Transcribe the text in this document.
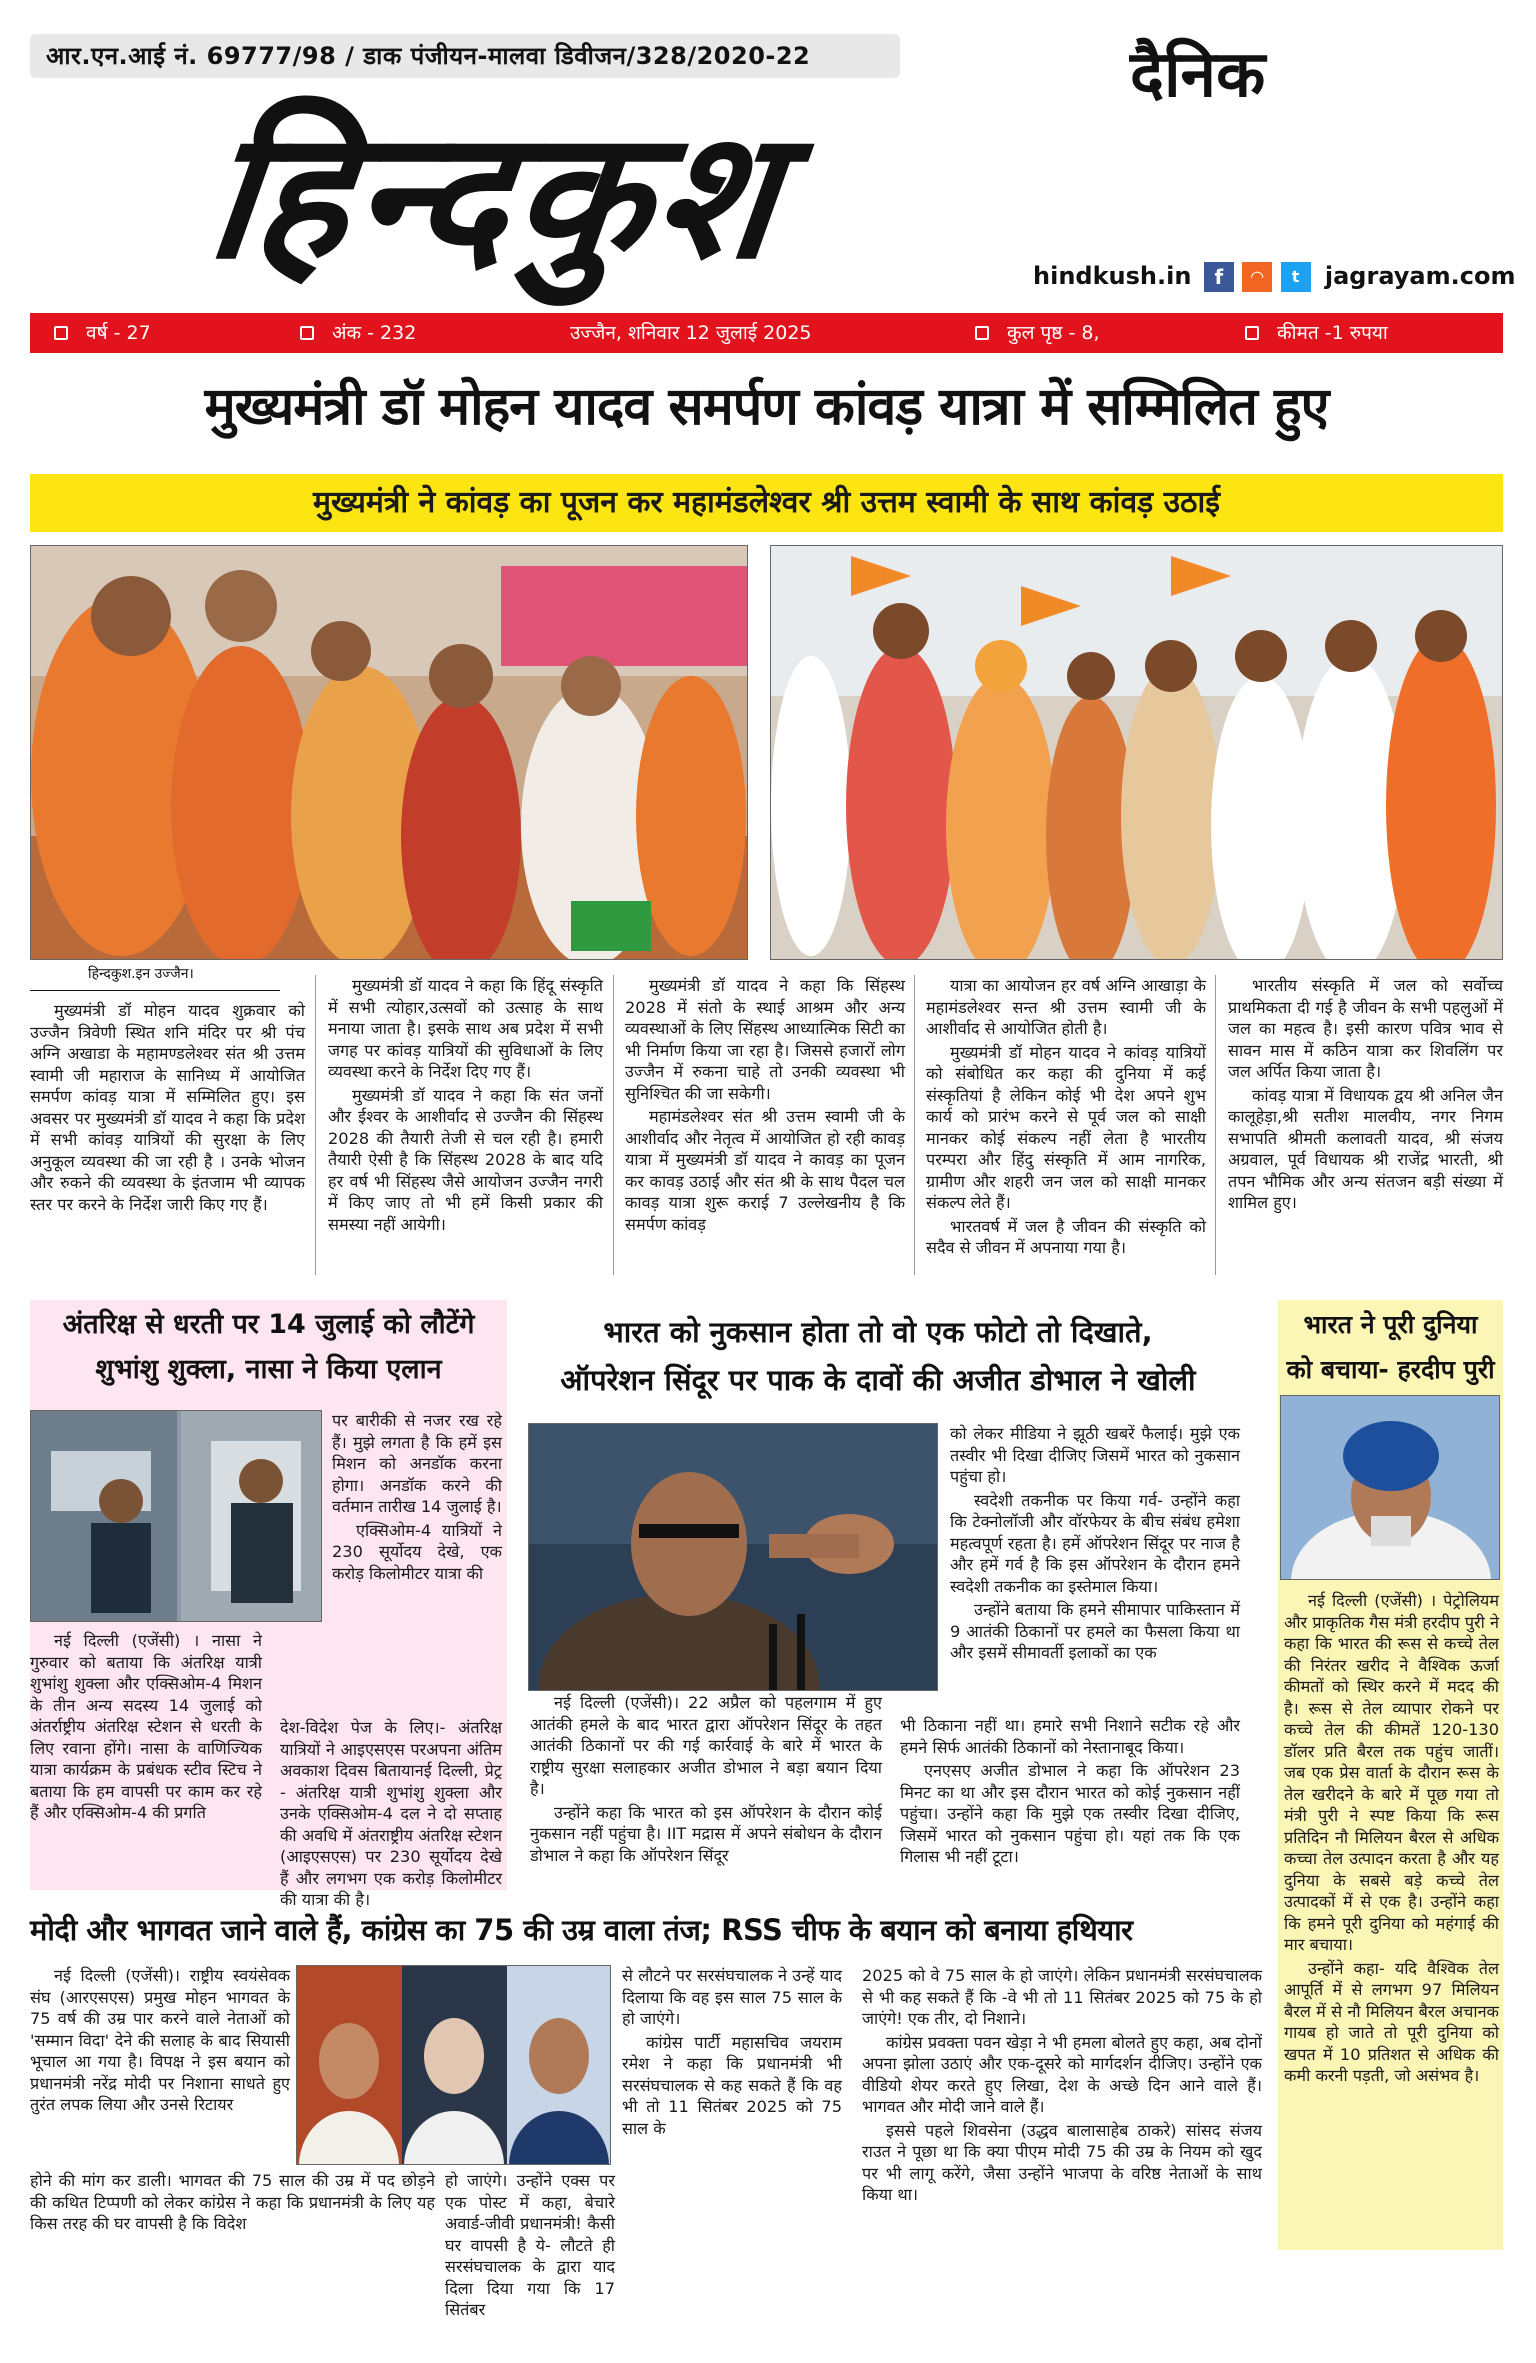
आर.एन.आई नं. 69777/98 / डाक पंजीयन-मालवा डिवीजन/328/2020-22	दैनिक
हिन्दकुश	hindkush.in f ◠ t jagrayam.com
वर्ष - 27	अंक - 232	उज्जैन, शनिवार 12 जुलाई 2025	कुल पृष्ठ - 8,	कीमत -1 रुपया
मुख्यमंत्री डॉ मोहन यादव समर्पण कांवड़ यात्रा में सम्मिलित हुए
मुख्यमंत्री ने कांवड़ का पूजन कर महामंडलेश्वर श्री उत्तम स्वामी के साथ कांवड़ उठाई
हिन्दकुश.इन उज्जैन।

मुख्यमंत्री डॉ मोहन यादव शुक्रवार को उज्जैन त्रिवेणी स्थित शनि मंदिर पर श्री पंच अग्नि अखाडा के महामण्डलेश्वर संत श्री उत्तम स्वामी जी महाराज के सानिध्य में आयोजित समर्पण कांवड़ यात्रा में सम्मिलित हुए। इस अवसर पर मुख्यमंत्री डॉ यादव ने कहा कि प्रदेश में सभी कांवड़ यात्रियों की सुरक्षा के लिए अनुकूल व्यवस्था की जा रही है । उनके भोजन और रुकने की व्यवस्था के इंतजाम भी व्यापक स्तर पर करने के निर्देश जारी किए गए हैं।

मुख्यमंत्री डॉ यादव ने कहा कि हिंदू संस्कृति में सभी त्योहार,उत्सवों को उत्साह के साथ मनाया जाता है। इसके साथ अब प्रदेश में सभी जगह पर कांवड़ यात्रियों की सुविधाओं के लिए व्यवस्था करने के निर्देश दिए गए हैं।

मुख्यमंत्री डॉ यादव ने कहा कि संत जनों और ईश्वर के आशीर्वाद से उज्जैन की सिंहस्थ 2028 की तैयारी तेजी से चल रही है। हमारी तैयारी ऐसी है कि सिंहस्थ 2028 के बाद यदि हर वर्ष भी सिंहस्थ जैसे आयोजन उज्जैन नगरी में किए जाए तो भी हमें किसी प्रकार की समस्या नहीं आयेगी।

मुख्यमंत्री डॉ यादव ने कहा कि सिंहस्थ 2028 में संतो के स्थाई आश्रम और अन्य व्यवस्थाओं के लिए सिंहस्थ आध्यात्मिक सिटी का भी निर्माण किया जा रहा है। जिससे हजारों लोग उज्जैन में रुकना चाहे तो उनकी व्यवस्था भी सुनिश्चित की जा सकेगी।

महामंडलेश्वर संत श्री उत्तम स्वामी जी के आशीर्वाद और नेतृत्व में आयोजित हो रही कावड़ यात्रा में मुख्यमंत्री डॉ यादव ने कावड़ का पूजन कर कावड़ उठाई और संत श्री के साथ पैदल चल कावड़ यात्रा शुरू कराई 7 उल्लेखनीय है कि समर्पण कांवड़

यात्रा का आयोजन हर वर्ष अग्नि आखाड़ा के महामंडलेश्वर सन्त श्री उत्तम स्वामी जी के आशीर्वाद से आयोजित होती है।

मुख्यमंत्री डॉ मोहन यादव ने कांवड़ यात्रियों को संबोधित कर कहा की दुनिया में कई संस्कृतियां है लेकिन कोई भी देश अपने शुभ कार्य को प्रारंभ करने से पूर्व जल को साक्षी मानकर कोई संकल्प नहीं लेता है भारतीय परम्परा और हिंदु संस्कृति में आम नागरिक, ग्रामीण और शहरी जन जल को साक्षी मानकर संकल्प लेते हैं।

भारतवर्ष में जल है जीवन की संस्कृति को सदैव से जीवन में अपनाया गया है।

भारतीय संस्कृति में जल को सर्वोच्च प्राथमिकता दी गई है जीवन के सभी पहलुओं में जल का महत्व है। इसी कारण पवित्र भाव से सावन मास में कठिन यात्रा कर शिवलिंग पर जल अर्पित किया जाता है।

कांवड़ यात्रा में विधायक द्वय श्री अनिल जैन कालूहेड़ा,श्री सतीश मालवीय, नगर निगम सभापति श्रीमती कलावती यादव, श्री संजय अग्रवाल, पूर्व विधायक श्री राजेंद्र भारती, श्री तपन भौमिक और अन्य संतजन बड़ी संख्या में शामिल हुए।

अंतरिक्ष से धरती पर 14 जुलाई को लौटेंगे
शुभांशु शुक्ला, नासा ने किया एलान

पर बारीकी से नजर रख रहे हैं। मुझे लगता है कि हमें इस मिशन को अनडॉक करना होगा। अनडॉक करने की वर्तमान तारीख 14 जुलाई है।

एक्सिओम-4 यात्रियों ने 230 सूर्योदय देखे, एक करोड़ किलोमीटर यात्रा की

नई दिल्ली (एजेंसी) । नासा ने गुरुवार को बताया कि अंतरिक्ष यात्री शुभांशु शुक्ला और एक्सिओम-4 मिशन के तीन अन्य सदस्य 14 जुलाई को अंतर्राष्ट्रीय अंतरिक्ष स्टेशन से धरती के लिए रवाना होंगे। नासा के वाणिज्यिक यात्रा कार्यक्रम के प्रबंधक स्टीव स्टिच ने बताया कि हम वापसी पर काम कर रहे हैं और एक्सिओम-4 की प्रगति

देश-विदेश पेज के लिए।- अंतरिक्ष यात्रियों ने आइएसएस परअपना अंतिम अवकाश दिवस बितायानई दिल्ली, प्रेट्र - अंतरिक्ष यात्री शुभांशु शुक्ला और उनके एक्सिओम-4 दल ने दो सप्ताह की अवधि में अंतराष्ट्रीय अंतरिक्ष स्टेशन (आइएसएस) पर 230 सूर्योदय देखे हैं और लगभग एक करोड़ किलोमीटर की यात्रा की है।

भारत को नुकसान होता तो वो एक फोटो तो दिखाते,
ऑपरेशन सिंदूर पर पाक के दावों की अजीत डोभाल ने खोली

को लेकर मीडिया ने झूठी खबरें फैलाई। मुझे एक तस्वीर भी दिखा दीजिए जिसमें भारत को नुकसान पहुंचा हो।

स्वदेशी तकनीक पर किया गर्व- उन्होंने कहा कि टेक्नोलॉजी और वॉरफेयर के बीच संबंध हमेशा महत्वपूर्ण रहता है। हमें ऑपरेशन सिंदूर पर नाज है और हमें गर्व है कि इस ऑपरेशन के दौरान हमने स्वदेशी तकनीक का इस्तेमाल किया।

उन्होंने बताया कि हमने सीमापार पाकिस्तान में 9 आतंकी ठिकानों पर हमले का फैसला किया था और इसमें सीमावर्ती इलाकों का एक

नई दिल्ली (एजेंसी)। 22 अप्रैल को पहलगाम में हुए आतंकी हमले के बाद भारत द्वारा ऑपरेशन सिंदूर के तहत आतंकी ठिकानों पर की गई कार्रवाई के बारे में भारत के राष्ट्रीय सुरक्षा सलाहकार अजीत डोभाल ने बड़ा बयान दिया है।

उन्होंने कहा कि भारत को इस ऑपरेशन के दौरान कोई नुकसान नहीं पहुंचा है। IIT मद्रास में अपने संबोधन के दौरान डोभाल ने कहा कि ऑपरेशन सिंदूर

भी ठिकाना नहीं था। हमारे सभी निशाने सटीक रहे और हमने सिर्फ आतंकी ठिकानों को नेस्तानाबूद किया।

एनएसए अजीत डोभाल ने कहा कि ऑपरेशन 23 मिनट का था और इस दौरान भारत को कोई नुकसान नहीं पहुंचा। उन्होंने कहा कि मुझे एक तस्वीर दिखा दीजिए, जिसमें भारत को नुकसान पहुंचा हो। यहां तक कि एक गिलास भी नहीं टूटा।

भारत ने पूरी दुनिया
को बचाया- हरदीप पुरी

नई दिल्ली (एजेंसी) । पेट्रोलियम और प्राकृतिक गैस मंत्री हरदीप पुरी ने कहा कि भारत की रूस से कच्चे तेल की निरंतर खरीद ने वैश्विक ऊर्जा कीमतों को स्थिर करने में मदद की है। रूस से तेल व्यापार रोकने पर कच्चे तेल की कीमतें 120-130 डॉलर प्रति बैरल तक पहुंच जातीं। जब एक प्रेस वार्ता के दौरान रूस के तेल खरीदने के बारे में पूछ गया तो मंत्री पुरी ने स्पष्ट किया कि रूस प्रतिदिन नौ मिलियन बैरल से अधिक कच्चा तेल उत्पादन करता है और यह दुनिया के सबसे बड़े कच्चे तेल उत्पादकों में से एक है। उन्होंने कहा कि हमने पूरी दुनिया को महंगाई की मार बचाया।

उन्होंने कहा- यदि वैश्विक तेल आपूर्ति में से लगभग 97 मिलियन बैरल में से नौ मिलियन बैरल अचानक गायब हो जाते तो पूरी दुनिया को खपत में 10 प्रतिशत से अधिक की कमी करनी पड़ती, जो असंभव है।

मोदी और भागवत जाने वाले हैं, कांग्रेस का 75 की उम्र वाला तंज; RSS चीफ के बयान को बनाया हथियार

नई दिल्ली (एजेंसी)। राष्ट्रीय स्वयंसेवक संघ (आरएसएस) प्रमुख मोहन भागवत के 75 वर्ष की उम्र पार करने वाले नेताओं को 'सम्मान विदा' देने की सलाह के बाद सियासी भूचाल आ गया है। विपक्ष ने इस बयान को प्रधानमंत्री नरेंद्र मोदी पर निशाना साधते हुए तुरंत लपक लिया और उनसे रिटायर

होने की मांग कर डाली। भागवत की 75 साल की उम्र में पद छोड़ने की कथित टिप्पणी को लेकर कांग्रेस ने कहा कि प्रधानमंत्री के लिए यह किस तरह की घर वापसी है कि विदेश

हो जाएंगे। उन्होंने एक्स पर एक पोस्ट में कहा, बेचारे अवार्ड-जीवी प्रधानमंत्री! कैसी घर वापसी है ये- लौटते ही सरसंघचालक के द्वारा याद दिला दिया गया कि 17 सितंबर

से लौटने पर सरसंघचालक ने उन्हें याद दिलाया कि वह इस साल 75 साल के हो जाएंगे।

कांग्रेस पार्टी महासचिव जयराम रमेश ने कहा कि प्रधानमंत्री भी सरसंघचालक से कह सकते हैं कि वह भी तो 11 सितंबर 2025 को 75 साल के

2025 को वे 75 साल के हो जाएंगे। लेकिन प्रधानमंत्री सरसंघचालक से भी कह सकते हैं कि -वे भी तो 11 सितंबर 2025 को 75 के हो जाएंगे! एक तीर, दो निशाने।

कांग्रेस प्रवक्ता पवन खेड़ा ने भी हमला बोलते हुए कहा, अब दोनों अपना झोला उठाएं और एक-दूसरे को मार्गदर्शन दीजिए। उन्होंने एक वीडियो शेयर करते हुए लिखा, देश के अच्छे दिन आने वाले हैं। भागवत और मोदी जाने वाले हैं।

इससे पहले शिवसेना (उद्धव बालासाहेब ठाकरे) सांसद संजय राउत ने पूछा था कि क्या पीएम मोदी 75 की उम्र के नियम को खुद पर भी लागू करेंगे, जैसा उन्होंने भाजपा के वरिष्ठ नेताओं के साथ किया था।
